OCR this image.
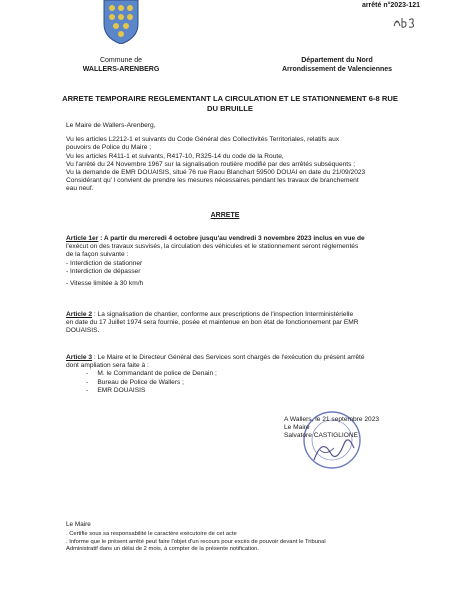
arrêté n°2023-121
Commune de
WALLERS-ARENBERG
Département du Nord
Arrondissement de Valenciennes
ARRETE TEMPORAIRE REGLEMENTANT LA CIRCULATION ET LE STATIONNEMENT 6-8 RUE
DU BRUILLE
Le Maire de Wallers-Arenberg,
Vu les articles L2212-1 et suivants du Code Général des Collectivités Territoriales, relatifs aux
pouvoirs de Police du Maire ;
Vu les articles R411-1 et suivants, R417-10, R325-14 du code de la Route,
Vu l'arrêté du 24 Novembre 1967 sur la signalisation routière modifié par des arrêtés subséquents ;
Vu la demande de EMR DOUAISIS, situé 76 rue Raou Blanchart 59500 DOUAI en date du 21/09/2023
Considérant qu' l convient de prendre les mesures nécessaires pendant les travaux de branchement
eau neuf.
ARRETE
Article 1er : A partir du mercredi 4 octobre jusqu'au vendredi 3 novembre 2023 inclus en vue de
l'exécut on des travaux susvisés, la circulation des véhicules et le stationnement seront réglementés
de la façon suivante :
- Interdiction de stationner
- Interdiction de dépasser
- Vitesse limitée à 30 km/h
Article 2 : La signalisation de chantier, conforme aux prescriptions de l'inspection Interministérielle
en date du 17 Juillet 1974 sera fournie, posée et maintenue en bon état de fonctionnement par EMR
DOUAISIS.
Article 3 : Le Maire et le Directeur Général des Services sont chargés de l'exécution du présent arrêté
dont ampliation sera faite à :
-     M. le Commandant de police de Denain ;
-     Bureau de Police de Wallers ;
-     EMR DOUAISIS
A Wallers, le 21 septembre 2023
Le Maire
Salvatore CASTIGLIONE
Le Maire
. Certifie sous sa responsabilité le caractère exécutoire de cet acte
. Informe que le présent arrêté peut faire l'objet d'un recours pour excès de pouvoir devant le Tribunal
Administratif dans un délai de 2 mois, à compter de la présente notification.
